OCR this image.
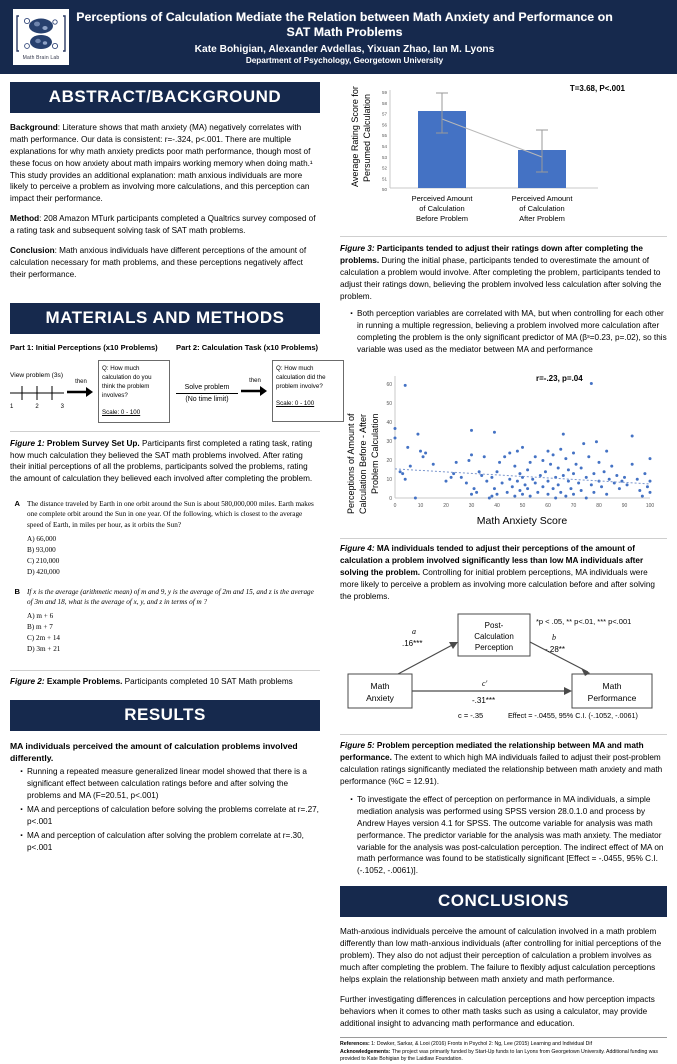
Math Brain Lab
Perceptions of Calculation Mediate the Relation between Math Anxiety and Performance on SAT Math Problems
Kate Bohigian, Alexander Avdellas, Yixuan Zhao, Ian M. Lyons
Department of Psychology, Georgetown University
ABSTRACT/BACKGROUND

Background: Literature shows that math anxiety (MA) negatively correlates with math performance. Our data is consistent: r=-.324, p<.001. There are multiple explanations for why math anxiety predicts poor math performance, though most of these focus on how anxiety about math impairs working memory when doing math.¹ This study provides an additional explanation: math anxious individuals are more likely to perceive a problem as involving more calculations, and this perception can impact their performance.

Method: 208 Amazon MTurk participants completed a Qualtrics survey composed of a rating task and subsequent solving task of SAT math problems.

Conclusion: Math anxious individuals have different perceptions of the amount of calculation necessary for math problems, and these perceptions negatively affect their performance.

MATERIALS AND METHODS
Part 1: Initial Perceptions (x10 Problems)
View problem (3s)
1	2	3
then
Q: How much calculation do you think the problem involves?
Scale: 0 - 100
Part 2: Calculation Task (x10 Problems)
Solve problem
(No time limit)
then
Q: How much calculation did the problem involve?
Scale: 0 - 100
Figure 1: Problem Survey Set Up. Participants first completed a rating task, rating how much calculation they believed the SAT math problems involved. After rating their initial perceptions of all the problems, participants solved the problems, rating the amount of calculation they believed each involved after completing the problem.
A The distance traveled by Earth in one orbit around the Sun is about 580,000,000 miles. Earth makes one complete orbit around the Sun in one year. Of the following, which is closest to the average speed of Earth, in miles per hour, as it orbits the Sun?
A) 66,000
B) 93,000
C) 210,000
D) 420,000
B If x is the average (arithmetic mean) of m and 9, y is the average of 2m and 15, and z is the average of 3m and 18, what is the average of x, y, and z in terms of m ?
A) m + 6
B) m + 7
C) 2m + 14
D) 3m + 21
Figure 2: Example Problems. Participants completed 10 SAT Math problems
RESULTS
MA individuals perceived the amount of calculation problems involved differently.
· Running a repeated measure generalized linear model showed that there is a significant effect between calculation ratings before and after solving the problems and MA (F=20.51, p<.001)
· MA and perceptions of calculation before solving the problems correlate at r=.27, p<.001
· MA and perception of calculation after solving the problem correlate at r=.30, p<.001
T=3.68, P<.001
Average Rating Score for Persumed Calculation
59
58
57
56
55
54
53
52
51
50
Perceived Amount
of Calculation
Before Problem
Perceived Amount
of Calculation
After Problem
Figure 3: Participants tended to adjust their ratings down after completing the problems. During the initial phase, participants tended to overestimate the amount of calculation a problem would involve. After completing the problem, participants tended to adjust their ratings down, believing the problem involved less calculation after solving the problem.
· Both perception variables are correlated with MA, but when controlling for each other in running a multiple regression, believing a problem involved more calculation after completing the problem is the only significant predictor of MA (βˢ=0.23, p=.02), so this variable was used as the mediator between MA and performance
r=-.23, p=.04
Perceptions of Amount of Calculation Before - After Problem Calculation
60
50
40
30
20
10
0
0	10	20	30	40	50	60	70	80	90	100
Math Anxiety Score
Figure 4: MA individuals tended to adjust their perceptions of the amount of calculation a problem involved significantly less than low MA individuals after solving the problem. Controlling for initial problem perceptions, MA individuals were more likely to perceive a problem as involving more calculation before and after solving the problems.
Post-
Calculation
Perception
Math
Anxiety
Math
Performance
a
.16***
b
-.28**
c′
-.31***
c = -.35	Effect = -.0455, 95% C.I. (-.1052, -.0061)
*p < .05, ** p<.01, *** p<.001
Figure 5: Problem perception mediated the relationship between MA and math performance. The extent to which high MA individuals failed to adjust their post-problem calculation ratings significantly mediated the relationship between math anxiety and math performance (%C = 12.91).
· To investigate the effect of perception on performance in MA individuals, a simple mediation analysis was performed using SPSS version 28.0.1.0 and process by Andrew Hayes version 4.1 for SPSS. The outcome variable for analysis was math performance. The predictor variable for the analysis was math anxiety. The mediator variable for the analysis was post-calculation perception. The indirect effect of MA on math performance was found to be statistically significant [Effect = -.0455, 95% C.I. (-.1052, -.0061)].
CONCLUSIONS

Math-anxious individuals perceive the amount of calculation involved in a math problem differently than low math-anxious individuals (after controlling for initial perceptions of the problem). They also do not adjust their perception of calculation a problem involves as much after completing the problem. The failure to flexibly adjust calculation perceptions helps explain the relationship between math anxiety and math performance.

Further investigating differences in calculation perceptions and how perception impacts behaviors when it comes to other math tasks such as using a calculator, may provide additional insight to advancing math performance and education.

References: 1: Dowker, Sarkar, & Looi (2016) Fronts in Psychol 2: Ng, Lee (2015) Learning and Individual Dif
Acknowledgements: The project was primarily funded by Start-Up funds to Ian Lyons from Georgetown University. Additional funding was provided to Kate Bohigian by the Laidlaw Foundation.
